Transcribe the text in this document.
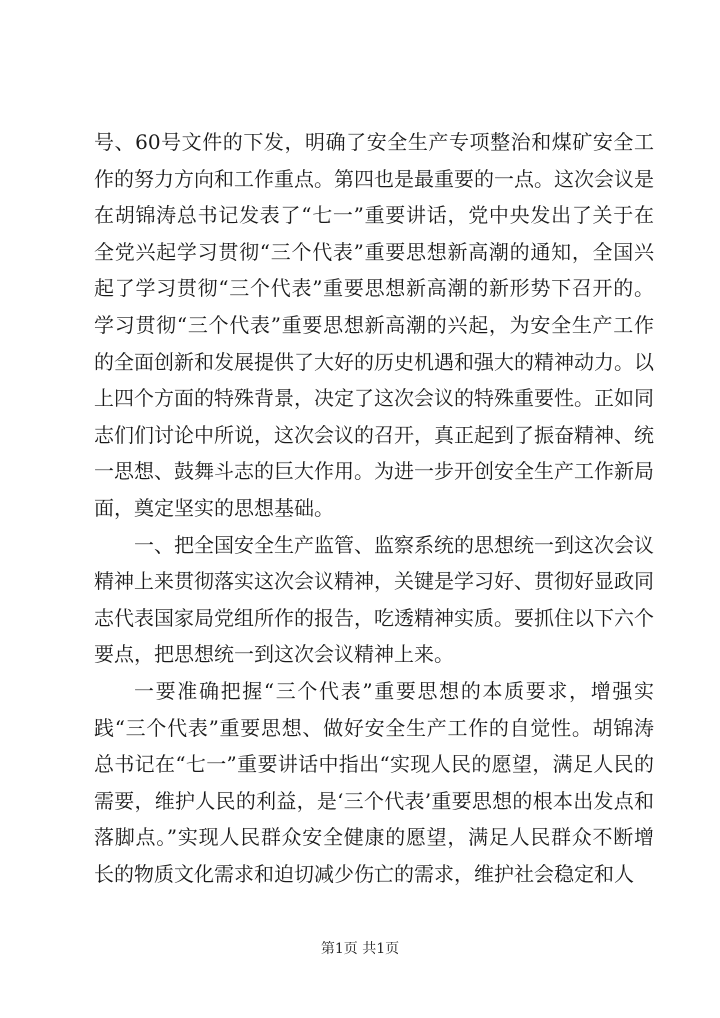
号、60号文件的下发，明确了安全生产专项整治和煤矿安全工作的努力方向和工作重点。第四也是最重要的一点。这次会议是在胡锦涛总书记发表了“七一”重要讲话，党中央发出了关于在全党兴起学习贯彻“三个代表”重要思想新高潮的通知，全国兴起了学习贯彻“三个代表”重要思想新高潮的新形势下召开的。学习贯彻“三个代表”重要思想新高潮的兴起，为安全生产工作的全面创新和发展提供了大好的历史机遇和强大的精神动力。以上四个方面的特殊背景，决定了这次会议的特殊重要性。正如同志们们讨论中所说，这次会议的召开，真正起到了振奋精神、统一思想、鼓舞斗志的巨大作用。为进一步开创安全生产工作新局面，奠定坚实的思想基础。

一、把全国安全生产监管、监察系统的思想统一到这次会议精神上来贯彻落实这次会议精神，关键是学习好、贯彻好显政同志代表国家局党组所作的报告，吃透精神实质。要抓住以下六个要点，把思想统一到这次会议精神上来。

一要准确把握“三个代表”重要思想的本质要求，增强实践“三个代表”重要思想、做好安全生产工作的自觉性。胡锦涛总书记在“七一”重要讲话中指出“实现人民的愿望，满足人民的需要，维护人民的利益，是‘三个代表’重要思想的根本出发点和落脚点。”实现人民群众安全健康的愿望，满足人民群众不断增长的物质文化需求和迫切减少伤亡的需求，维护社会稳定和人

第1页 共1页
